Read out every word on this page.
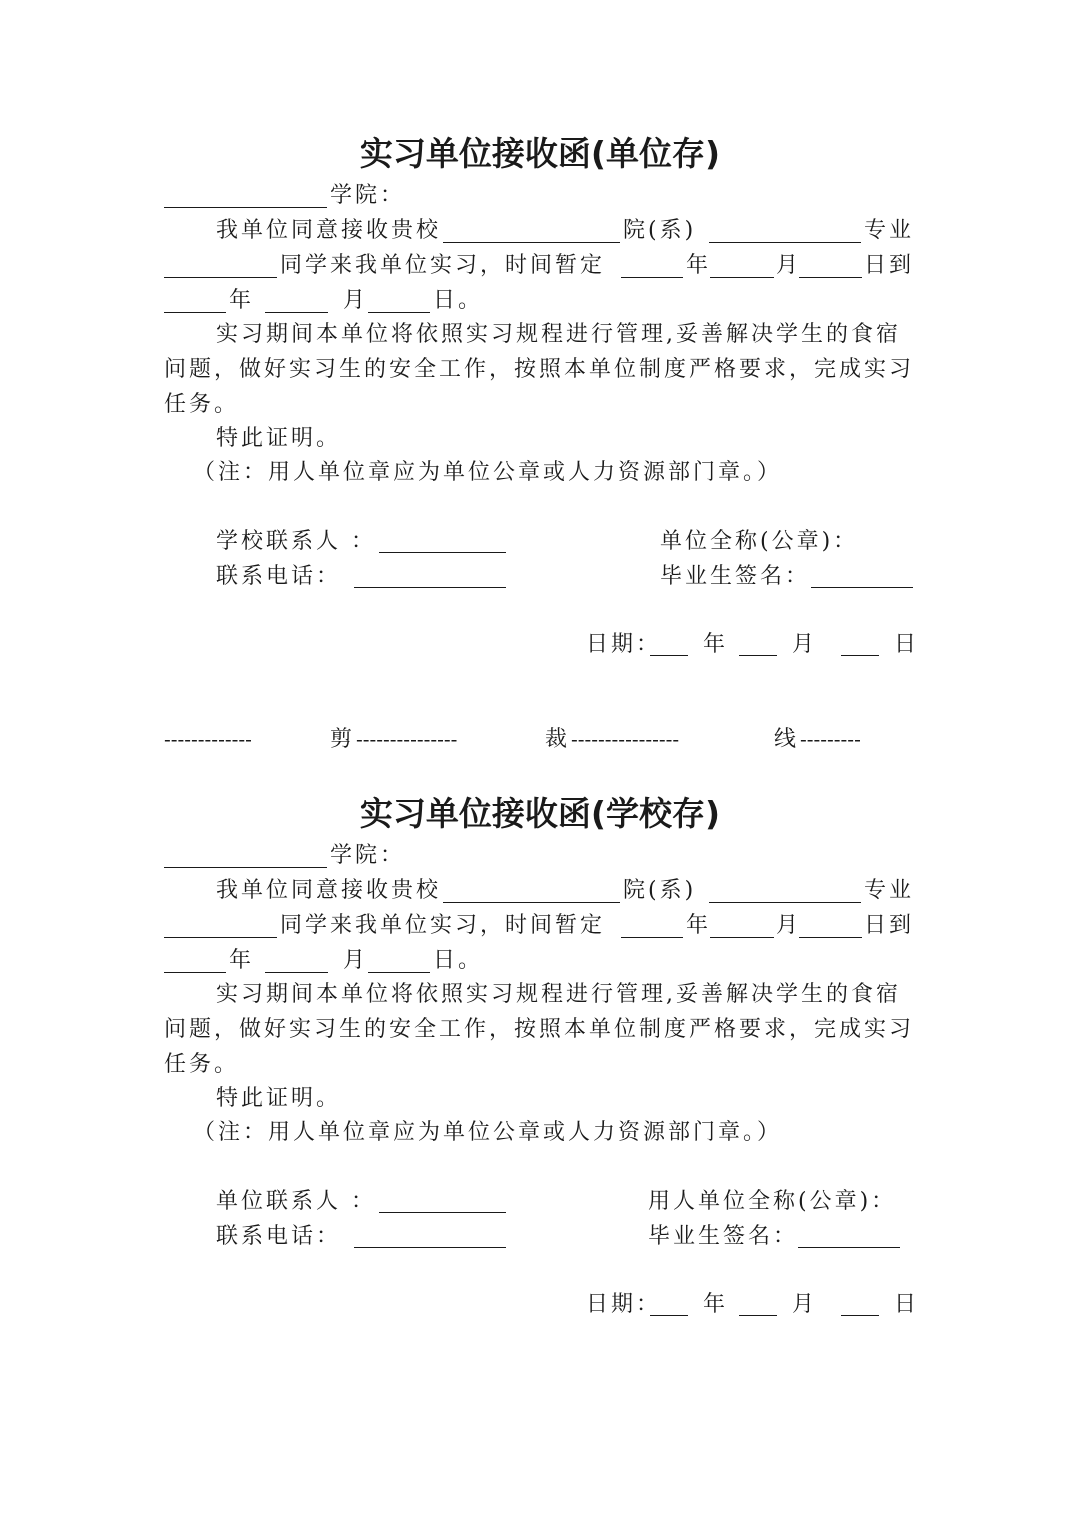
实习单位接收函(单位存)
学院：
我单位同意接收贵校	院(系)	专业
同学来我单位实习，时间暂定	年	月	日到
年	月	日。
实习期间本单位将依照实习规程进行管理,妥善解决学生的食宿
问题，做好实习生的安全工作，按照本单位制度严格要求，完成实习
任务。
特此证明。
（注：用人单位章应为单位公章或人力资源部门章。）
学校联系人 ：	单位全称(公章)：
联系电话：	毕业生签名：
日期： 年	月	日
-------------	剪 ---------------	裁 ----------------	线 ---------
实习单位接收函(学校存)
学院：
我单位同意接收贵校	院(系)	专业
同学来我单位实习，时间暂定	年	月	日到
年	月	日。
实习期间本单位将依照实习规程进行管理,妥善解决学生的食宿
问题，做好实习生的安全工作，按照本单位制度严格要求，完成实习
任务。
特此证明。
（注：用人单位章应为单位公章或人力资源部门章。）
单位联系人 ：	用人单位全称(公章)：
联系电话：	毕业生签名：
日期： 年	月	日
